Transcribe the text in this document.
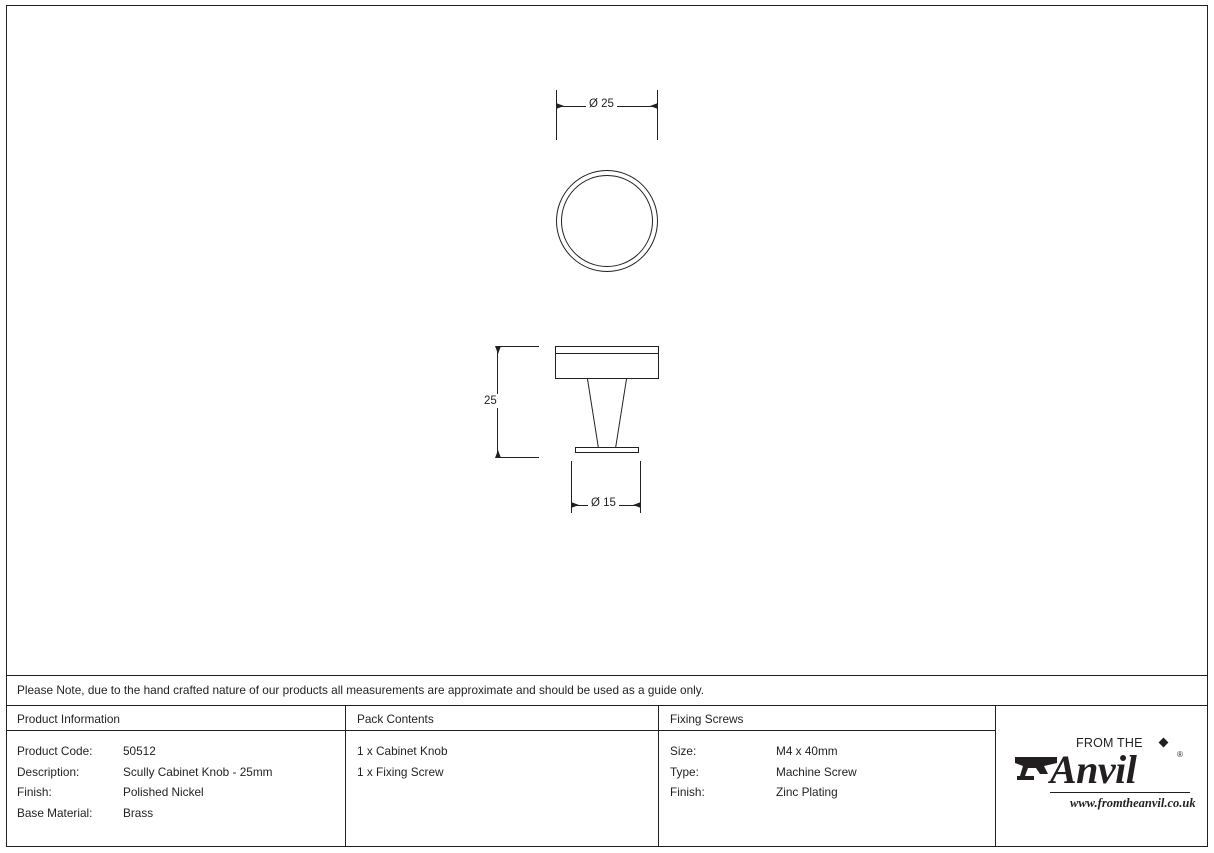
Ø 25
25
Ø 15
Please Note, due to the hand crafted nature of our products all measurements are approximate and should be used as a guide only.
Product Information
Product Code:	50512
Description:	Scully Cabinet Knob - 25mm
Finish:	Polished Nickel
Base Material:	Brass
Pack Contents
1 x Cabinet Knob
1 x Fixing Screw
Fixing Screws
Size:	M4 x 40mm
Type:	Machine Screw
Finish:	Zinc Plating
FROM THE
Anvil	®
www.fromtheanvil.co.uk
